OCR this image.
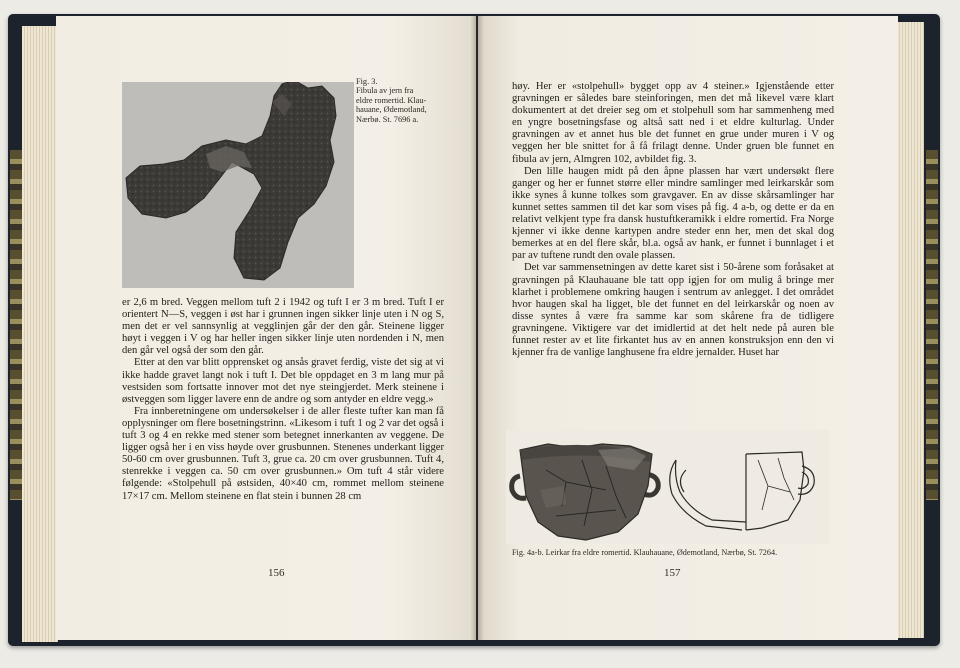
Fig. 3.
Fibula av jern fra
eldre romertid. Klau-
hauane, Ødemotland,
Nærbø. St. 7696 a.

er 2,6 m bred. Veggen mellom tuft 2 i 1942 og tuft I er 3 m bred. Tuft I er orientert N—S, veggen i øst har i grunnen ingen sikker linje uten i N og S, men det er vel sannsynlig at vegglinjen går der den går. Steinene ligger høyt i veggen i V og har heller ingen sikker linje uten nordenden i N, men den går vel også der som den går.

Etter at den var blitt opprensket og ansås gravet ferdig, viste det sig at vi ikke hadde gravet langt nok i tuft I. Det ble oppdaget en 3 m lang mur på vestsiden som fortsatte innover mot det nye steingjerdet. Merk steinene i østveggen som ligger lavere enn de andre og som antyder en eldre vegg.»

Fra innberetningene om undersøkelser i de aller fleste tufter kan man få opplysninger om flere bosetningstrinn. «Likesom i tuft 1 og 2 var det også i tuft 3 og 4 en rekke med stener som betegnet innerkanten av veggene. De ligger også her i en viss høyde over grusbunnen. Stenenes underkant ligger 50-60 cm over grusbunnen. Tuft 3, grue ca. 20 cm over grusbunnen. Tuft 4, stenrekke i veggen ca. 50 cm over grusbunnen.» Om tuft 4 står videre følgende: «Stolpehull på østsiden, 40×40 cm, rommet mellom steinene 17×17 cm. Mellom steinene en flat stein i bunnen 28 cm

156

høy. Her er «stolpehull» bygget opp av 4 steiner.» Igjenstående etter gravningen er således bare steinforingen, men det må likevel være klart dokumentert at det dreier seg om et stolpehull som har sammenheng med en yngre bosetningsfase og altså satt ned i et eldre kulturlag. Under gravningen av et annet hus ble det funnet en grue under muren i V og veggen her ble snittet for å få frilagt denne. Under gruen ble funnet en fibula av jern, Almgren 102, avbildet fig. 3.

Den lille haugen midt på den åpne plassen har vært undersøkt flere ganger og her er funnet større eller mindre samlinger med leirkarskår som ikke synes å kunne tolkes som gravgaver. En av disse skårsamlinger har kunnet settes sammen til det kar som vises på fig. 4 a-b, og dette er da en relativt velkjent type fra dansk hustuftkeramikk i eldre romertid. Fra Norge kjenner vi ikke denne kartypen andre steder enn her, men det skal dog bemerkes at en del flere skår, bl.a. også av hank, er funnet i bunnlaget i et par av tuftene rundt den ovale plassen.

Det var sammensetningen av dette karet sist i 50-årene som foråsaket at gravningen på Klauhauane ble tatt opp igjen for om mulig å bringe mer klarhet i problemene omkring haugen i sentrum av anlegget. I det området hvor haugen skal ha ligget, ble det funnet en del leirkarskår og noen av disse syntes å være fra samme kar som skårene fra de tidligere gravningene. Viktigere var det imidlertid at det helt nede på auren ble funnet rester av et lite firkantet hus av en annen konstruksjon enn den vi kjenner fra de vanlige langhusene fra eldre jernalder. Huset har

Fig. 4a-b. Leirkar fra eldre romertid. Klauhauane, Ødemotland, Nærbø, St. 7264.
157
